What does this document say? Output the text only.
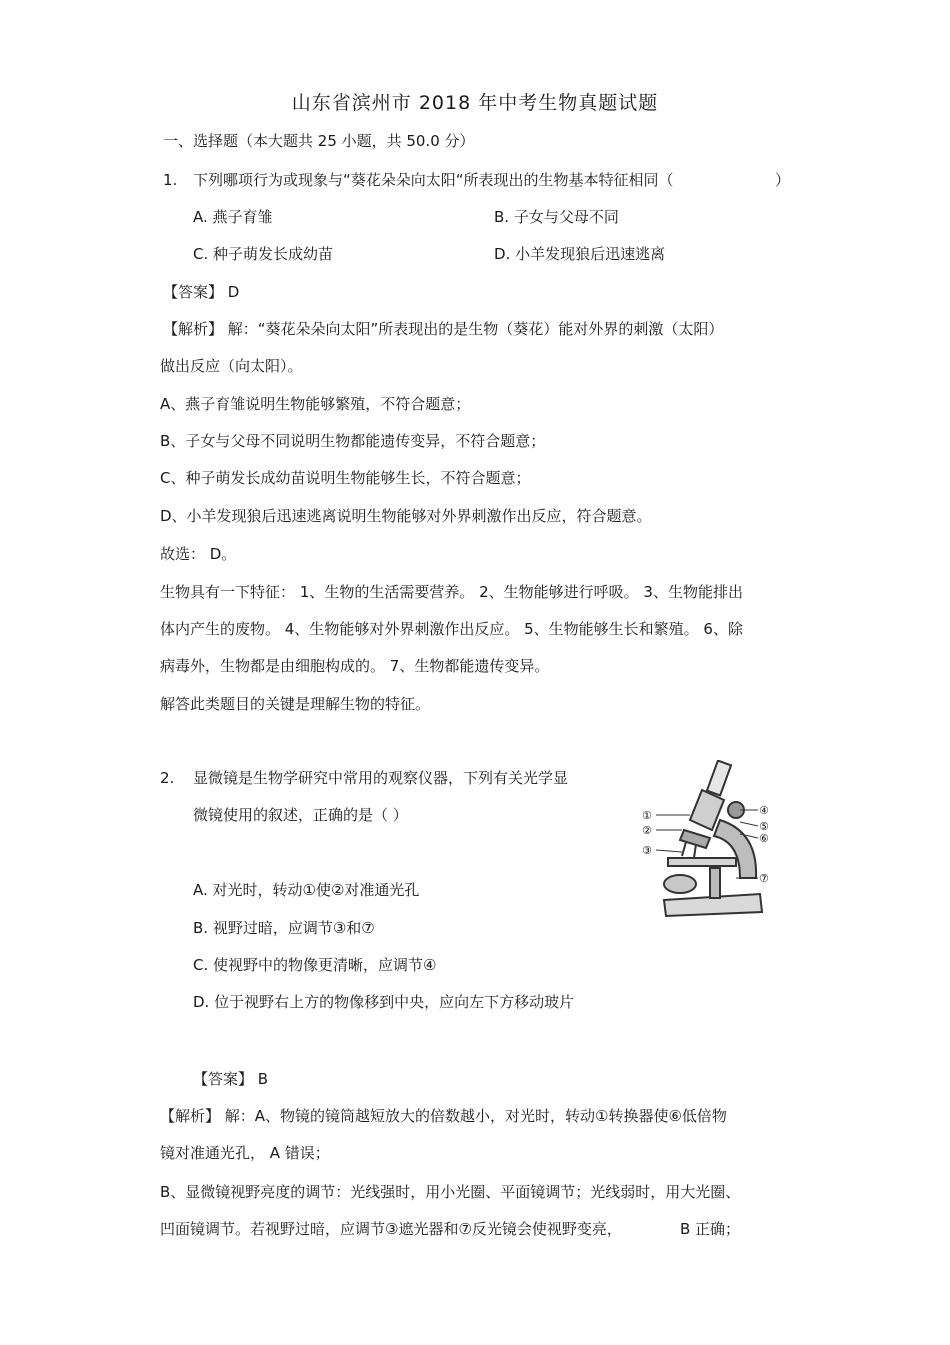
山东省滨州市 2018 年中考生物真题试题
一、选择题（本大题共 25 小题，共 50.0 分）
1. 下列哪项行为或现象与“葵花朵朵向太阳“所表现出的生物基本特征相同（	）
A. 燕子育雏	B. 子女与父母不同
C. 种子萌发长成幼苗	D. 小羊发现狼后迅速逃离
【答案】 D
【解析】 解：“葵花朵朵向太阳”所表现出的是生物（葵花）能对外界的刺激（太阳）
做出反应（向太阳）。
A、燕子育雏说明生物能够繁殖，不符合题意；
B、子女与父母不同说明生物都能遗传变异，不符合题意；
C、种子萌发长成幼苗说明生物能够生长，不符合题意；
D、小羊发现狼后迅速逃离说明生物能够对外界刺激作出反应，符合题意。
故选： D。
生物具有一下特征： 1、生物的生活需要营养。 2、生物能够进行呼吸。 3、生物能排出
体内产生的废物。 4、生物能够对外界刺激作出反应。 5、生物能够生长和繁殖。 6、除
病毒外，生物都是由细胞构成的。 7、生物都能遗传变异。
解答此类题目的关键是理解生物的特征。
2. 显微镜是生物学研究中常用的观察仪器，下列有关光学显
微镜使用的叙述，正确的是（ ）	①
②
③
④
⑤
⑥
⑦
A. 对光时，转动①使②对准通光孔
B. 视野过暗，应调节③和⑦
C. 使视野中的物像更清晰，应调节④
D. 位于视野右上方的物像移到中央，应向左下方移动玻片
【答案】 B
【解析】 解：A、物镜的镜筒越短放大的倍数越小，对光时，转动①转换器使⑥低倍物
镜对准通光孔， A 错误；
B、显微镜视野亮度的调节：光线强时，用小光圈、平面镜调节；光线弱时，用大光圈、
凹面镜调节。若视野过暗，应调节③遮光器和⑦反光镜会使视野变亮，	B 正确；
